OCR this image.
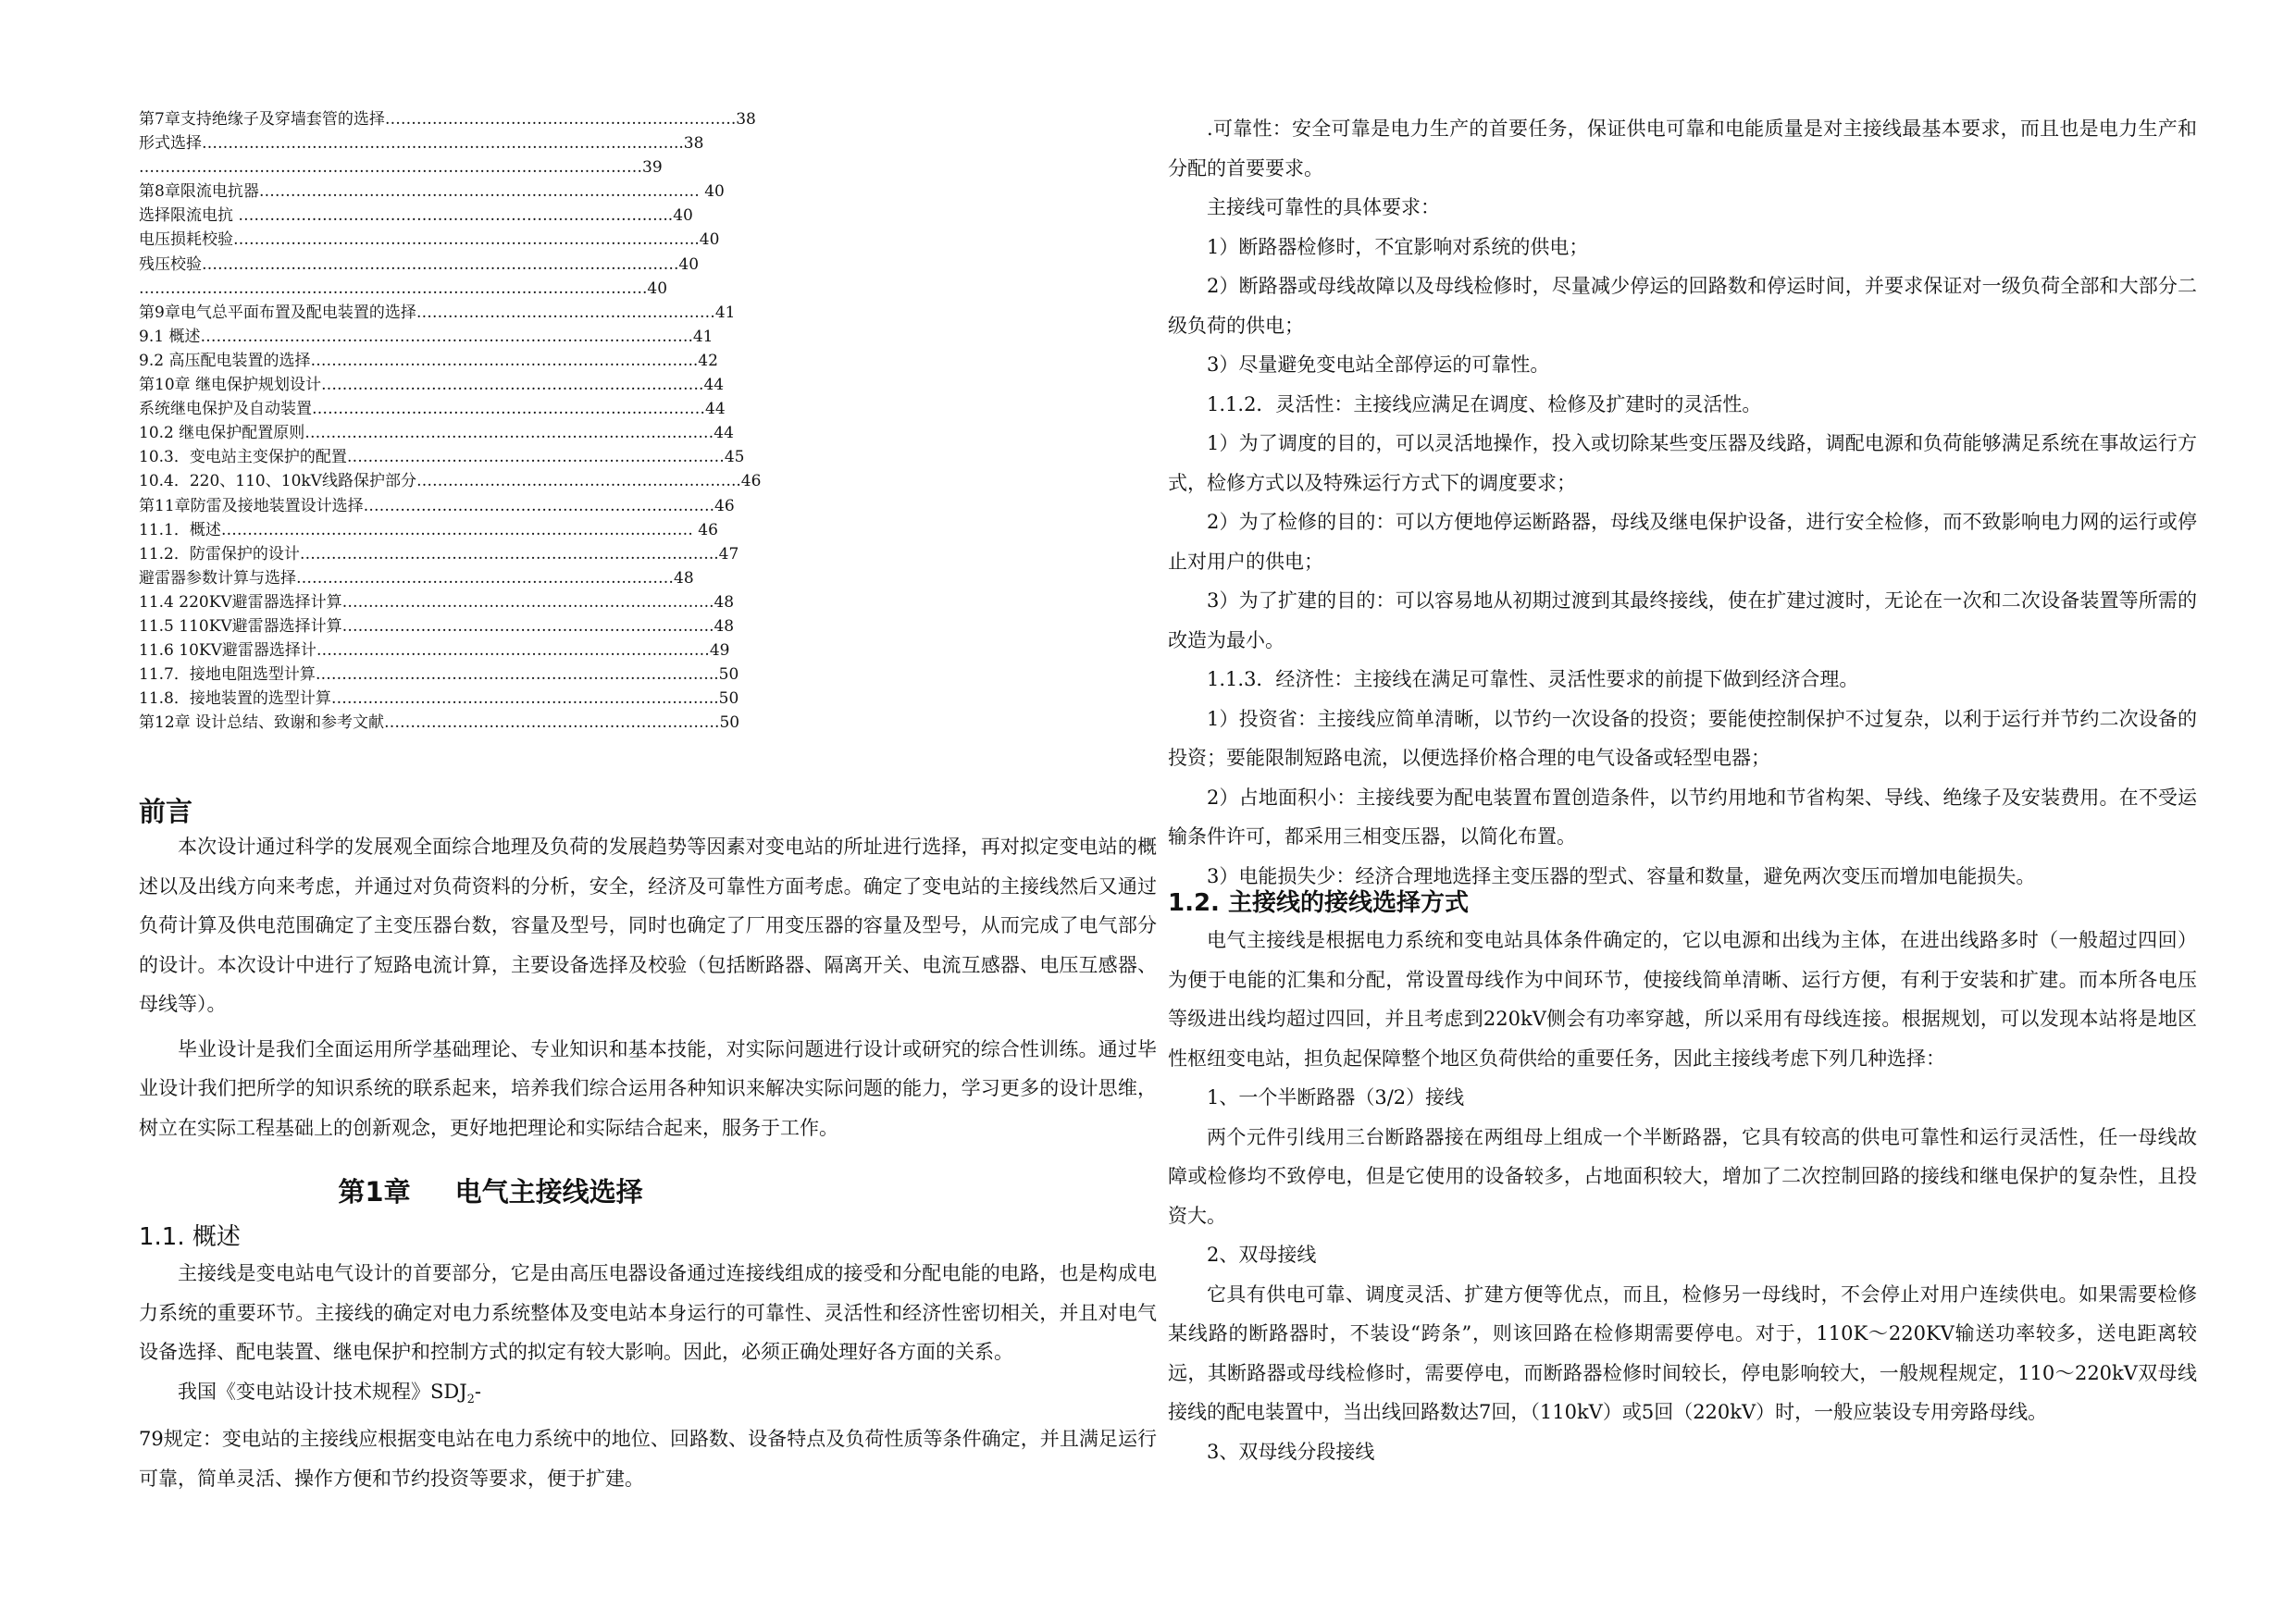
第7章支持绝缘子及穿墙套管的选择………………………………………………………….38
形式选择………………………………………………………………………………..38
……………………………………………………………………………………39
第8章限流电抗器………………………………………………………………………… 40
选择限流电抗 ………………………………………………………………………..40
电压损耗校验……………………………………………………………………………..40
残压校验……………………………………………………………………………….40
…………………………………………………………………………………….40
第9章电气总平面布置及配电装置的选择…………………………………………………41
9.1 概述………………………………………………………………………………….41
9.2 高压配电装置的选择………………………………………………………………..42
第10章 继电保护规划设计……………………………………………………………….44
系统继电保护及自动装置…………………………………………………………………44
10.2 继电保护配置原则……………………………………………………………………44
10.3．变电站主变保护的配置………………………………………………………………45
10.4．220、110、10kV线路保护部分……………………………………………………..46
第11章防雷及接地装置设计选择………………………………………………………….46
11.1．概述……………………………………………………………………………… 46
11.2．防雷保护的设计……………………………………………………………………..47
避雷器参数计算与选择………………………………………………………………48
11.4 220KV避雷器选择计算……………………………………………………………..48
11.5 110KV避雷器选择计算……………………………………………………………..48
11.6 10KV避雷器选择计…………………………………………………………………49
11.7．接地电阻选型计算…………………………………………………………………..50
11.8．接地装置的选型计算………………………………………………………………..50
第12章 设计总结、致谢和参考文献……………………………………………………….50
前言

本次设计通过科学的发展观全面综合地理及负荷的发展趋势等因素对变电站的所址进行选择，再对拟定变电站的概述以及出线方向来考虑，并通过对负荷资料的分析，安全，经济及可靠性方面考虑。确定了变电站的主接线然后又通过负荷计算及供电范围确定了主变压器台数，容量及型号，同时也确定了厂用变压器的容量及型号，从而完成了电气部分的设计。本次设计中进行了短路电流计算，主要设备选择及校验（包括断路器、隔离开关、电流互感器、电压互感器、母线等）。

毕业设计是我们全面运用所学基础理论、专业知识和基本技能，对实际问题进行设计或研究的综合性训练。通过毕业设计我们把所学的知识系统的联系起来，培养我们综合运用各种知识来解决实际问题的能力，学习更多的设计思维，树立在实际工程基础上的创新观念，更好地把理论和实际结合起来，服务于工作。

第1章 电气主接线选择
1.1. 概述

主接线是变电站电气设计的首要部分，它是由高压电器设备通过连接线组成的接受和分配电能的电路，也是构成电力系统的重要环节。主接线的确定对电力系统整体及变电站本身运行的可靠性、灵活性和经济性密切相关，并且对电气设备选择、配电装置、继电保护和控制方式的拟定有较大影响。因此，必须正确处理好各方面的关系。

我国《变电站设计技术规程》$SDJ_2-$

79规定：变电站的主接线应根据变电站在电力系统中的地位、回路数、设备特点及负荷性质等条件确定，并且满足运行可靠，简单灵活、操作方便和节约投资等要求，便于扩建。

.可靠性：安全可靠是电力生产的首要任务，保证供电可靠和电能质量是对主接线最基本要求，而且也是电力生产和分配的首要要求。

主接线可靠性的具体要求：

1）断路器检修时，不宜影响对系统的供电；

2）断路器或母线故障以及母线检修时，尽量减少停运的回路数和停运时间，并要求保证对一级负荷全部和大部分二级负荷的供电；

3）尽量避免变电站全部停运的可靠性。

1.1.2．灵活性：主接线应满足在调度、检修及扩建时的灵活性。

1）为了调度的目的，可以灵活地操作，投入或切除某些变压器及线路，调配电源和负荷能够满足系统在事故运行方式，检修方式以及特殊运行方式下的调度要求；

2）为了检修的目的：可以方便地停运断路器，母线及继电保护设备，进行安全检修，而不致影响电力网的运行或停止对用户的供电；

3）为了扩建的目的：可以容易地从初期过渡到其最终接线，使在扩建过渡时，无论在一次和二次设备装置等所需的改造为最小。

1.1.3．经济性：主接线在满足可靠性、灵活性要求的前提下做到经济合理。

1）投资省：主接线应简单清晰，以节约一次设备的投资；要能使控制保护不过复杂，以利于运行并节约二次设备的投资；要能限制短路电流，以便选择价格合理的电气设备或轻型电器；

2）占地面积小：主接线要为配电装置布置创造条件，以节约用地和节省构架、导线、绝缘子及安装费用。在不受运输条件许可，都采用三相变压器，以简化布置。

3）电能损失少：经济合理地选择主变压器的型式、容量和数量，避免两次变压而增加电能损失。

1.2. 主接线的接线选择方式

电气主接线是根据电力系统和变电站具体条件确定的，它以电源和出线为主体，在进出线路多时（一般超过四回）为便于电能的汇集和分配，常设置母线作为中间环节，使接线简单清晰、运行方便，有利于安装和扩建。而本所各电压等级进出线均超过四回，并且考虑到220kV侧会有功率穿越，所以采用有母线连接。根据规划，可以发现本站将是地区性枢纽变电站，担负起保障整个地区负荷供给的重要任务，因此主接线考虑下列几种选择：

1、一个半断路器（3/2）接线

两个元件引线用三台断路器接在两组母上组成一个半断路器，它具有较高的供电可靠性和运行灵活性，任一母线故障或检修均不致停电，但是它使用的设备较多，占地面积较大，增加了二次控制回路的接线和继电保护的复杂性，且投资大。

2、双母接线

它具有供电可靠、调度灵活、扩建方便等优点，而且，检修另一母线时，不会停止对用户连续供电。如果需要检修某线路的断路器时，不装设“跨条”，则该回路在检修期需要停电。对于，110K～220KV输送功率较多，送电距离较远，其断路器或母线检修时，需要停电，而断路器检修时间较长，停电影响较大，一般规程规定，110～220kV双母线接线的配电装置中，当出线回路数达7回，（110kV）或5回（220kV）时，一般应装设专用旁路母线。

3、双母线分段接线
